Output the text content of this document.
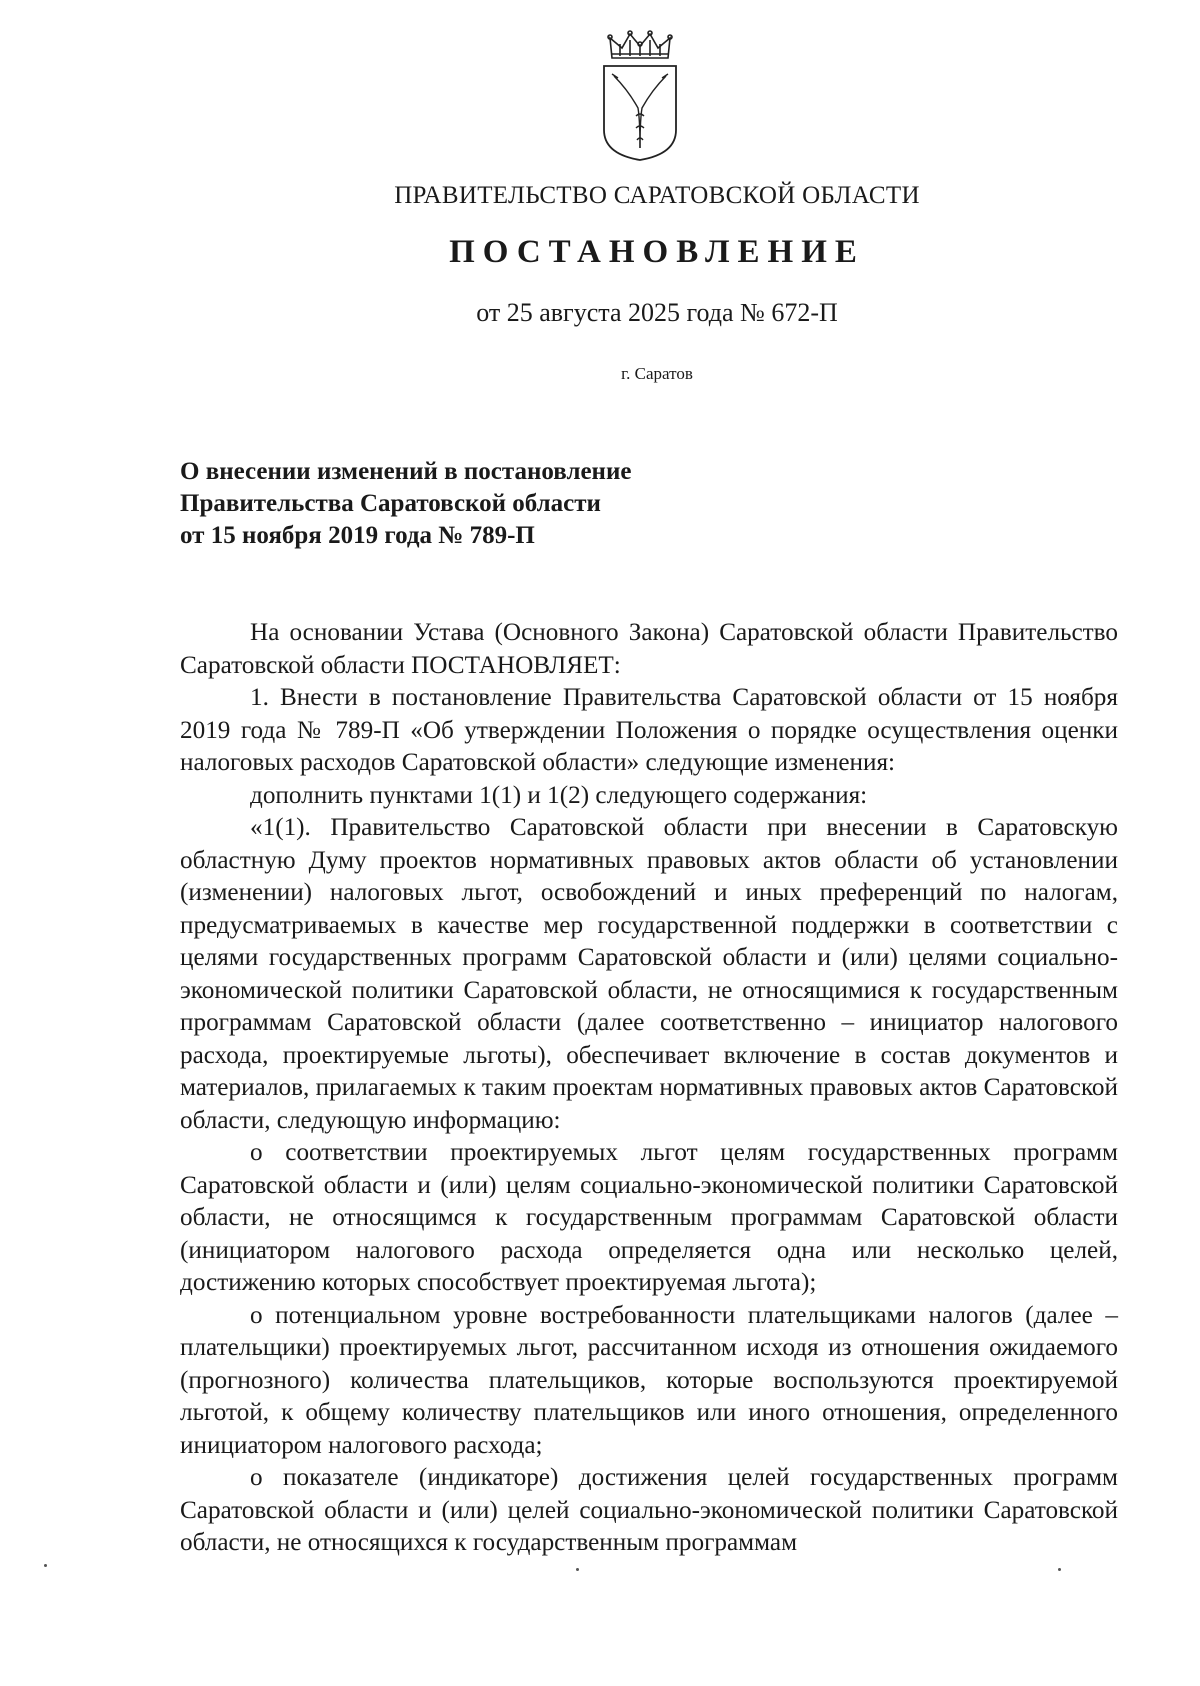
ПРАВИТЕЛЬСТВО САРАТОВСКОЙ ОБЛАСТИ
ПОСТАНОВЛЕНИЕ
от 25 августа 2025 года № 672-П
г. Саратов
О внесении изменений в постановление
Правительства Саратовской области
от 15 ноября 2019 года № 789-П

На основании Устава (Основного Закона) Саратовской области Правительство Саратовской области ПОСТАНОВЛЯЕТ:

1. Внести в постановление Правительства Саратовской области от 15 ноября 2019 года № 789-П «Об утверждении Положения о порядке осуществления оценки налоговых расходов Саратовской области» следующие изменения:

дополнить пунктами 1(1) и 1(2) следующего содержания:

«1(1). Правительство Саратовской области при внесении в Саратовскую областную Думу проектов нормативных правовых актов области об установлении (изменении) налоговых льгот, освобождений и иных преференций по налогам, предусматриваемых в качестве мер государственной поддержки в соответствии с целями государственных программ Саратовской области и (или) целями социально-экономической политики Саратовской области, не относящимися к государственным программам Саратовской области (далее соответственно – инициатор налогового расхода, проектируемые льготы), обеспечивает включение в состав документов и материалов, прилагаемых к таким проектам нормативных правовых актов Саратовской области, следующую информацию:

о соответствии проектируемых льгот целям государственных программ Саратовской области и (или) целям социально-экономической политики Саратовской области, не относящимся к государственным программам Саратовской области (инициатором налогового расхода определяется одна или несколько целей, достижению которых способствует проектируемая льгота);

о потенциальном уровне востребованности плательщиками налогов (далее – плательщики) проектируемых льгот, рассчитанном исходя из отношения ожидаемого (прогнозного) количества плательщиков, которые воспользуются проектируемой льготой, к общему количеству плательщиков или иного отношения, определенного инициатором налогового расхода;

о показателе (индикаторе) достижения целей государственных программ Саратовской области и (или) целей социально-экономической политики Саратовской области, не относящихся к государственным программам
